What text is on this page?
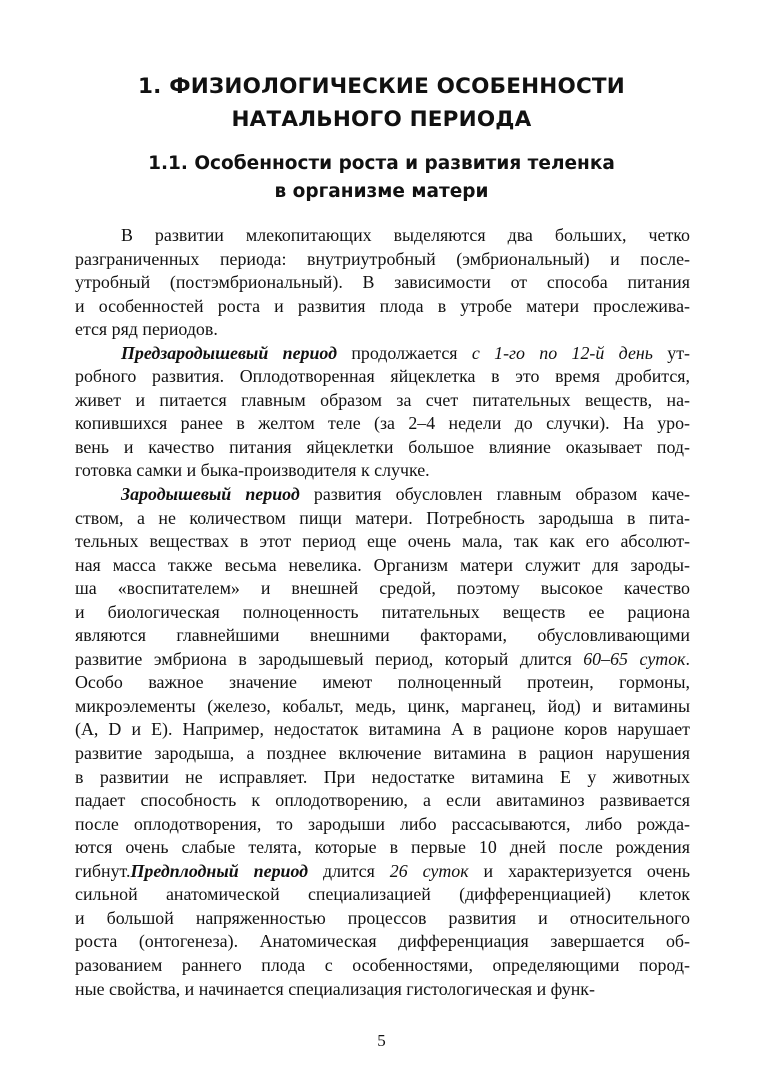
1. ФИЗИОЛОГИЧЕСКИЕ ОСОБЕННОСТИ
НАТАЛЬНОГО ПЕРИОДА
1.1. Особенности роста и развития теленка
в организме матери
В развитии млекопитающих выделяются два больших, четко
разграниченных периода: внутриутробный (эмбриональный) и после-
утробный (постэмбриональный). В зависимости от способа питания
и особенностей роста и развития плода в утробе матери прослежива-
ется ряд периодов.
Предзародышевый период продолжается с 1-го по 12-й день ут-
робного развития. Оплодотворенная яйцеклетка в это время дробится,
живет и питается главным образом за счет питательных веществ, на-
копившихся ранее в желтом теле (за 2–4 недели до случки). На уро-
вень и качество питания яйцеклетки большое влияние оказывает под-
готовка самки и быка-производителя к случке.
Зародышевый период развития обусловлен главным образом каче-
ством, а не количеством пищи матери. Потребность зародыша в пита-
тельных веществах в этот период еще очень мала, так как его абсолют-
ная масса также весьма невелика. Организм матери служит для зароды-
ша «воспитателем» и внешней средой, поэтому высокое качество
и биологическая полноценность питательных веществ ее рациона
являются главнейшими внешними факторами, обусловливающими
развитие эмбриона в зародышевый период, который длится 60–65 суток.
Особо важное значение имеют полноценный протеин, гормоны,
микроэлементы (железо, кобальт, медь, цинк, марганец, йод) и витамины
(A, D и E). Например, недостаток витамина A в рационе коров нарушает
развитие зародыша, а позднее включение витамина в рацион нарушения
в развитии не исправляет. При недостатке витамина E у животных
падает способность к оплодотворению, а если авитаминоз развивается
после оплодотворения, то зародыши либо рассасываются, либо рожда-
ются очень слабые телята, которые в первые 10 дней после рождения
гибнут.Предплодный период длится 26 суток и характеризуется очень
сильной анатомической специализацией (дифференциацией) клеток
и большой напряженностью процессов развития и относительного
роста (онтогенеза). Анатомическая дифференциация завершается об-
разованием раннего плода с особенностями, определяющими пород-
ные свойства, и начинается специализация гистологическая и функ-
5
